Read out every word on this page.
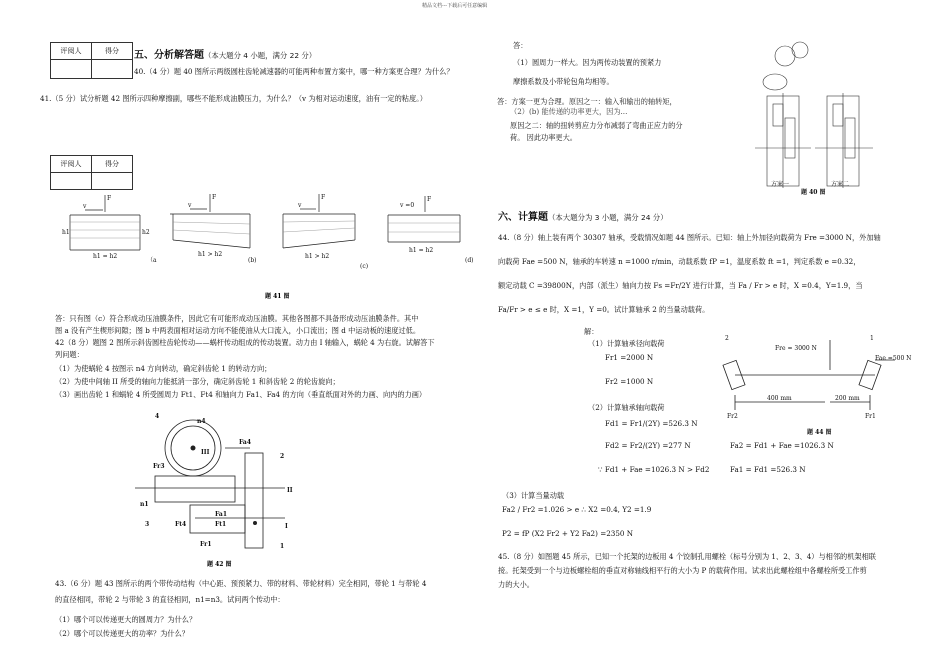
精品文档---下载后可任意编辑
评阅人	得分
	五、分析解答题（本大题分 4 小题，满分 22 分）
40.（4 分）题 40 图所示两级圆柱齿轮减速器的可能两种布置方案中，哪一种方案更合理？为什么？
41.（5 分）试分析题 42 图所示四种摩擦副，哪些不能形成油膜压力，为什么？（v 为相对运动速度，油有一定的粘度。）
评阅人	得分

v
F
h1	h2
h1 = h2
（a
v
F
h1 > h2
(b)
v
F
h1 > h2
(c)
v =0
F
h1 = h2
(d)
题 41 图
答：只有图（c）符合形成动压油膜条件，因此它有可能形成动压油膜。其他各图都不具备形成动压油膜条件。其中
图 a 没有产生楔形间隙；图 b 中两表面相对运动方向不能使油从大口流入，小口流出；图 d 中运动板的速度过低。
42（8 分）题图 2 图所示斜齿圆柱齿轮传动——蜗杆传动组成的传动装置。动力由 I 轴输入，蜗轮 4 为右旋。试解答下
列问题：
（1）为使蜗轮 4 按图示 n4 方向转动，确定斜齿轮 1 的转动方向；
（2）为使中间轴 II 所受的轴向力能抵消一部分，确定斜齿轮 1 和斜齿轮 2 的轮齿旋向；
（3）画出齿轮 1 和蜗轮 4 所受圆周力 Ft1、Ft4 和轴向力 Fa1、Fa4 的方向（垂直纸面对外的力画、向内的力画）
4
n4
III
Fa4
Fr3
2
II
n1
3	Ft4
Fa1
Ft1	I
1
Fr1
题 42 图
43.（6 分）题 43 图所示的两个带传动结构（中心距、预预紧力、带的材料、带轮材料）完全相同，带轮 1 与带轮 4
的直径相同，带轮 2 与带轮 3 的直径相同，n1=n3。试问两个传动中：
（1）哪个可以传递更大的圆周力？为什么？
（2）哪个可以传递更大的功率？为什么？
答：
（1）圆周力一样大。因为两传动装置的预紧力
摩擦系数及小带轮包角均相等。
答：方案一更为合理。原因之一：输入和输出的轴转矩，
（2）(b) 能传递的功率更大，因为...
原因之二：轴的扭转剪应力分布减弱了弯曲正应力的分
荷。 因此功率更大。
方案一	方案二
题 40 图
六、计算题（本大题分为 3 小题，满分 24 分）
44.（8 分）轴上装有两个 30307 轴承，受载情况如题 44 图所示。已知：轴上外加径向载荷为 Fre =3000 N，外加轴
向载荷 Fae =500 N，轴承的车转速 n =1000 r/min，动载系数 fP =1，温度系数 ft =1，判定系数 e =0.32，
额定动载 C =39800N，内部（派生）轴向力按 Fs =Fr/2Y 进行计算，当 Fa / Fr > e 时，X =0.4，Y=1.9，当
Fa/Fr > e ≤ e 时，X =1，Y =0。试计算轴承 2 的当量动载荷。
解：
（1）计算轴承径向载荷
Fr1 =2000 N
Fr2 =1000 N
（2）计算轴承轴向载荷
Fd1 = Fr1/(2Y) =526.3 N
Fd2 = Fr2/(2Y) =277 N	Fa2 = Fd1 + Fae =1026.3 N
∵ Fd1 + Fae =1026.3 N > Fd2	Fa1 = Fd1 =526.3 N
（3）计算当量动载
Fa2 / Fr2 =1.026 > e ∴ X2 =0.4, Y2 =1.9
P2 = fP (X2 Fr2 + Y2 Fa2) =2350 N
2	1
Fre = 3000 N
Fae =500 N
400 mm	200 mm
Fr2	Fr1
题 44 图
45.（8 分）如图题 45 所示，已知一个托架的边板用 4 个饺制孔用螺栓（标号分别为 1、2、3、4）与相邻的机架相联
接。托架受到一个与边板螺栓组的垂直对称轴线相平行的大小为 P 的载荷作用。试求出此螺栓组中各螺栓所受工作剪
力的大小。
